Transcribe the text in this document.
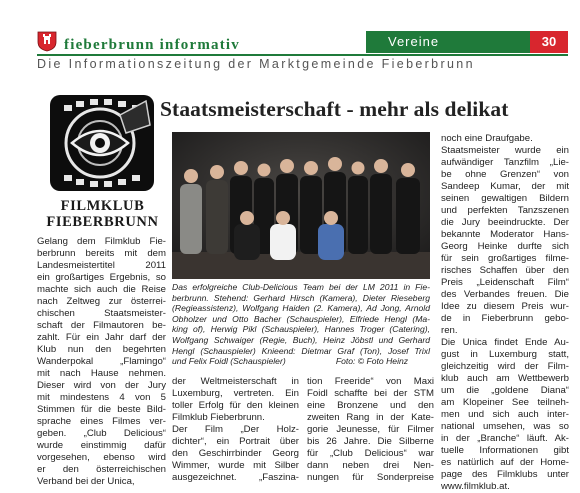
fieberbrunn informativ	Vereine	30
Die Informationszeitung der Marktgemeinde Fieberbrunn
FILMKLUB
FIEBERBRUNN
Staatsmeisterschaft - mehr als delikat
Gelang dem Filmklub Fie-
berbrunn bereits mit dem
Landesmeistertitel 2011
ein großartiges Ergebnis, so
machte sich auch die Reise
nach Zeltweg zur österrei-
chischen Staatsmeister-
schaft der Filmautoren be-
zahlt. Für ein Jahr darf der
Klub nun den begehrten
Wanderpokal „Flamingo“
mit nach Hause nehmen.
Dieser wird von der Jury
mit mindestens 4 von 5
Stimmen für die beste Bild-
sprache eines Filmes ver-
geben. „Club Delicious“
wurde einstimmig dafür
vorgesehen, ebenso wird
er den österreichischen
Verband bei der Unica,
Das erfolgreiche Club-Delicious Team bei der LM 2011 in Fie-
berbrunn. Stehend: Gerhard Hirsch (Kamera), Dieter Rieseberg
(Regieassistenz), Wolfgang Haiden (2. Kamera), Ad Jong, Arnold
Obholzer und Otto Bacher (Schauspieler), Elfriede Hengl (Ma-
king of), Herwig Pikl (Schauspieler), Hannes Troger (Catering),
Wolfgang Schwaiger (Regie, Buch), Heinz Jöbstl und Gerhard
Hengl (Schauspieler) Knieend: Dietmar Graf (Ton), Josef Trixl
und Felix Foidl (Schauspieler)                     Foto: © Foto Heinz
der Weltmeisterschaft in
Luxemburg, vertreten. Ein
toller Erfolg für den kleinen
Filmklub Fieberbrunn.
Der Film „Der Holz-
dichter“, ein Portrait über
den Geschirrbinder Georg
Wimmer, wurde mit Silber
ausgezeichnet. „Faszina-
tion Freeride“ von Maxi
Foidl schaffte bei der STM
eine Bronzene und den
zweiten Rang in der Kate-
gorie Jeunesse, für Filmer
bis 26 Jahre. Die Silberne
für „Club Delicious“ war
dann neben drei Nen-
nungen für Sonderpreise
noch eine Draufgabe.
Staatsmeister wurde ein
aufwändiger Tanzfilm „Lie-
be ohne Grenzen“ von
Sandeep Kumar, der mit
seinen gewaltigen Bildern
und perfekten Tanzszenen
die Jury beeindruckte. Der
bekannte Moderator Hans-
Georg Heinke durfte sich
für sein großartiges filme-
risches Schaffen über den
Preis „Leidenschaft Film“
des Verbandes freuen. Die
Idee zu diesem Preis wur-
de in Fieberbrunn gebo-
ren.
Die Unica findet Ende Au-
gust in Luxemburg statt,
gleichzeitig wird der Film-
klub auch am Wettbewerb
um die „goldene Diana“
am Klopeiner See teilneh-
men und sich auch inter-
national umsehen, was so
in der „Branche“ läuft. Ak-
tuelle Informationen gibt
es natürlich auf der Home-
page des Filmklubs unter
www.filmklub.at.
